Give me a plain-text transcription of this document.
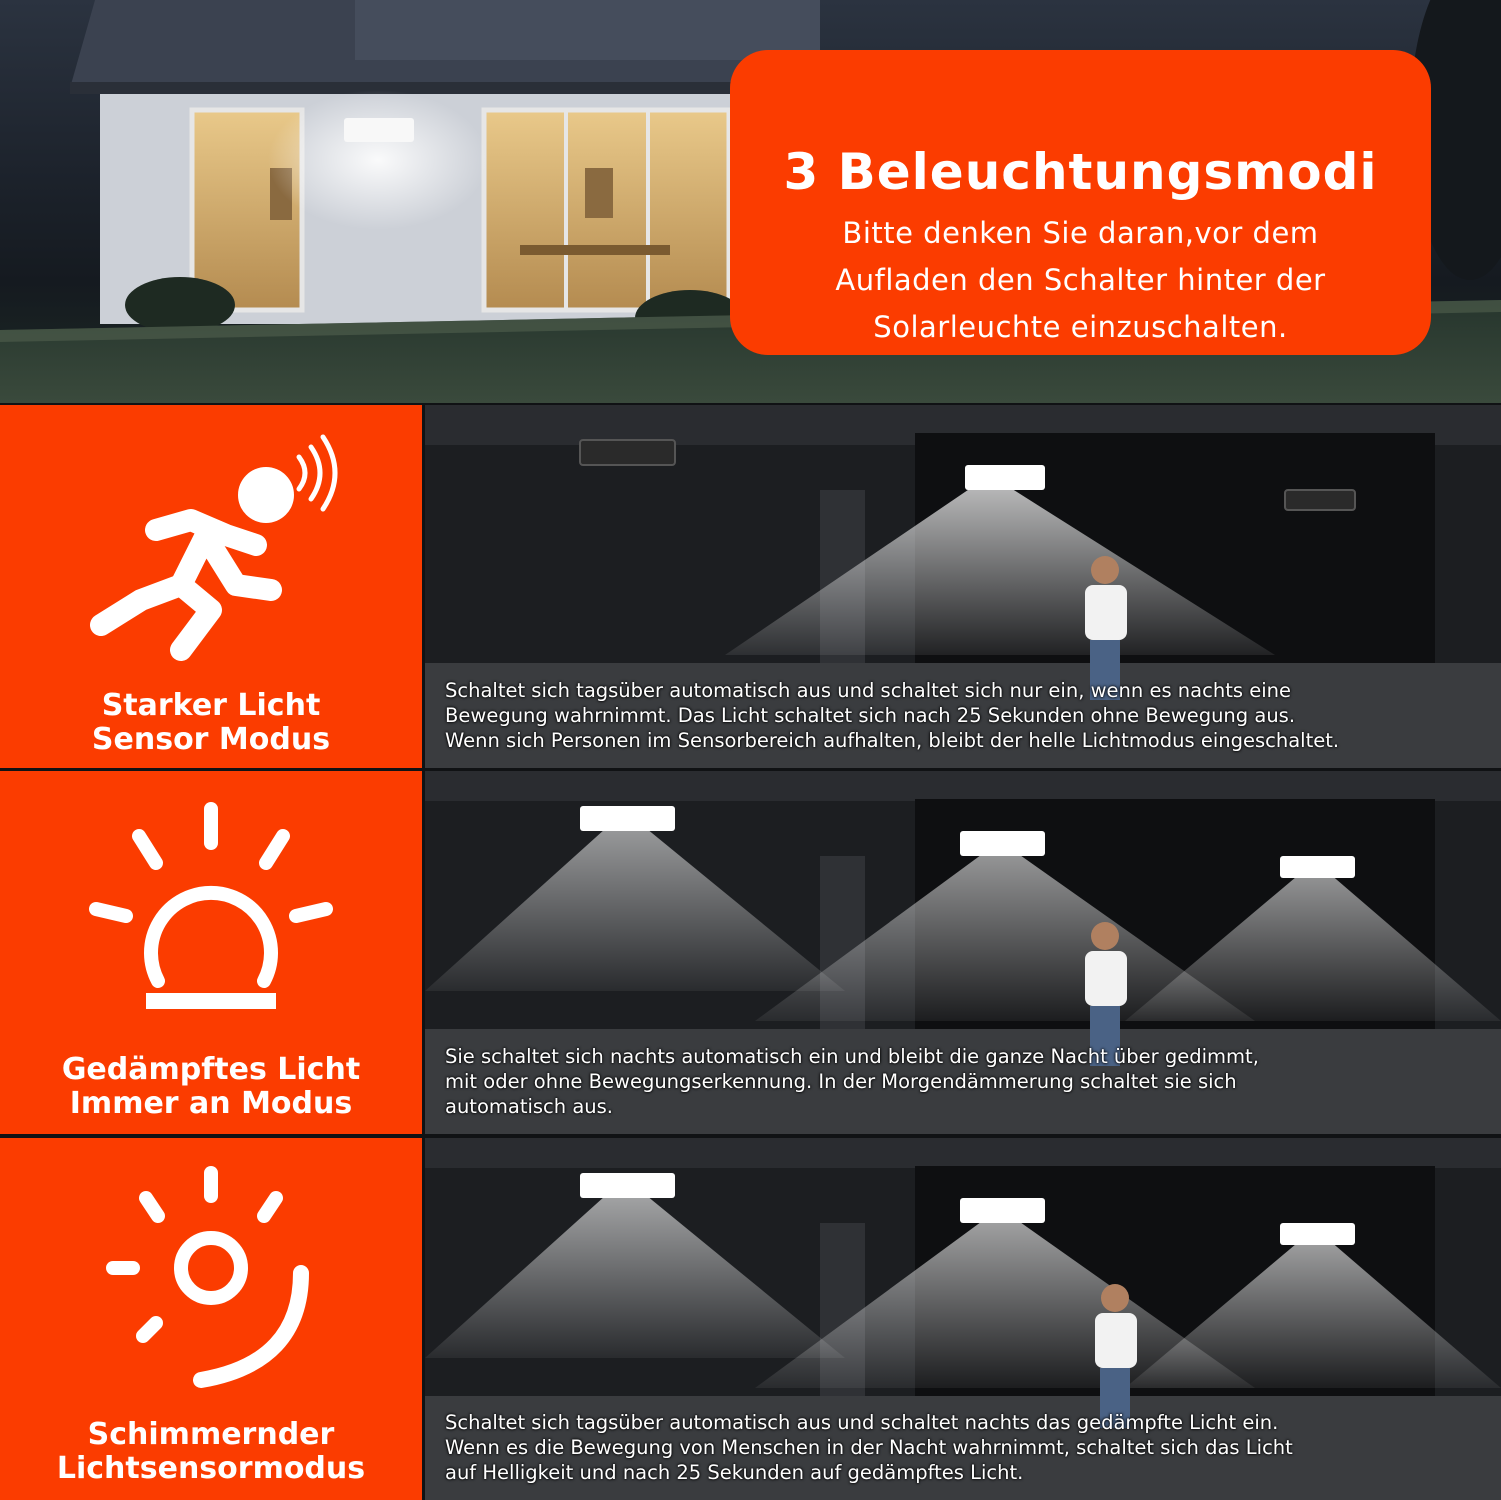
3 Beleuchtungsmodi

Bitte denken Sie daran,vor dem
Aufladen den Schalter hinter der
Solarleuchte einzuschalten.

Starker Licht
Sensor Modus
Schaltet sich tagsüber automatisch aus und schaltet sich nur ein, wenn es nachts eine
Bewegung wahrnimmt. Das Licht schaltet sich nach 25 Sekunden ohne Bewegung aus.
Wenn sich Personen im Sensorbereich aufhalten, bleibt der helle Lichtmodus eingeschaltet.
Gedämpftes Licht
Immer an Modus
Sie schaltet sich nachts automatisch ein und bleibt die ganze Nacht über gedimmt,
mit oder ohne Bewegungserkennung. In der Morgendämmerung schaltet sie sich
automatisch aus.
Schimmernder
Lichtsensormodus
Schaltet sich tagsüber automatisch aus und schaltet nachts das gedämpfte Licht ein.
Wenn es die Bewegung von Menschen in der Nacht wahrnimmt, schaltet sich das Licht
auf Helligkeit und nach 25 Sekunden auf gedämpftes Licht.
